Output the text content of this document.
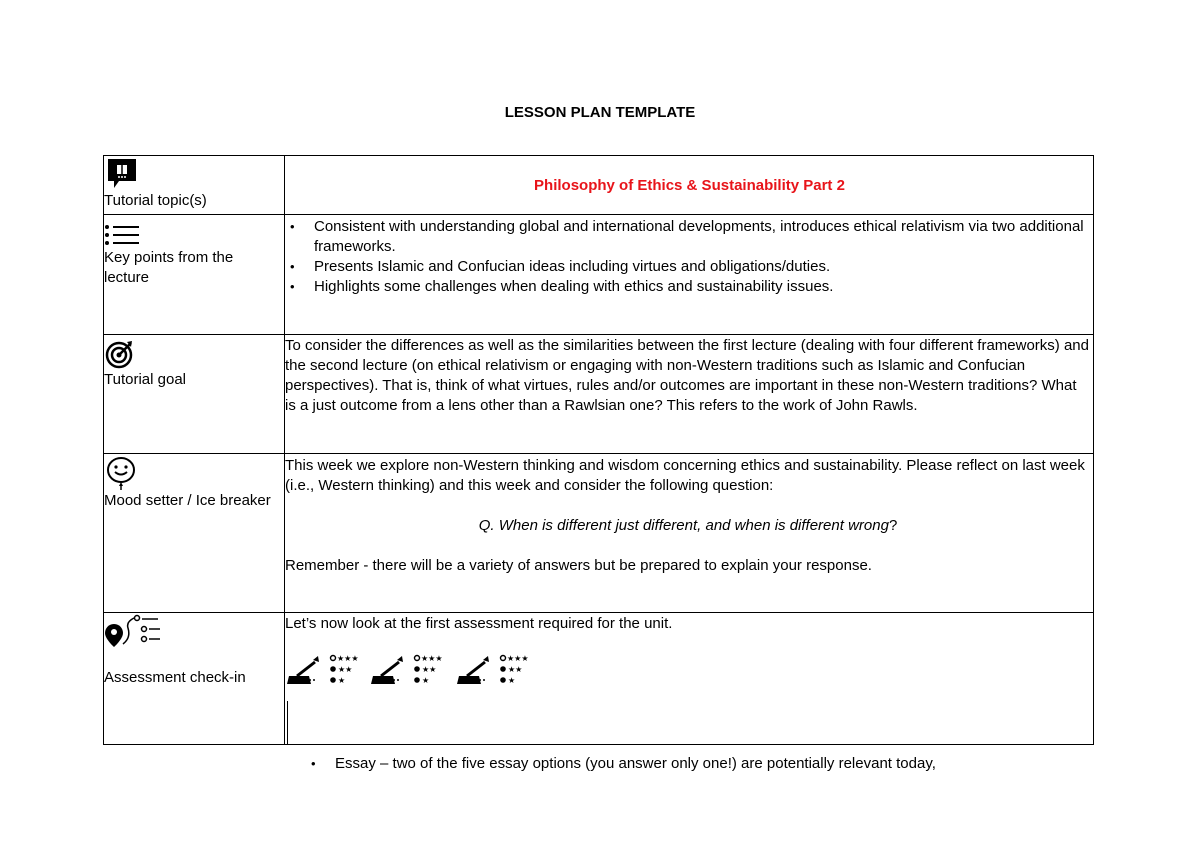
LESSON PLAN TEMPLATE
Tutorial topic(s)
Philosophy of Ethics & Sustainability Part 2
Key points from the lecture
• Consistent with understanding global and international developments, introduces ethical relativism via two additional frameworks.
• Presents Islamic and Confucian ideas including virtues and obligations/duties.
• Highlights some challenges when dealing with ethics and sustainability issues.
Tutorial goal
To consider the differences as well as the similarities between the first lecture (dealing with four different frameworks) and the second lecture (on ethical relativism or engaging with non-Western traditions such as Islamic and Confucian perspectives). That is, think of what virtues, rules and/or outcomes are important in these non-Western traditions? What is a just outcome from a lens other than a Rawlsian one? This refers to the work of John Rawls.
Mood setter / Ice breaker

This week we explore non-Western thinking and wisdom concerning ethics and sustainability. Please reflect on last week (i.e., Western thinking) and this week and consider the following question:

Q. When is different just different, and when is different wrong?

Remember - there will be a variety of answers but be prepared to explain your response.

Assessment check-in

Let’s now look at the first assessment required for the unit.

★★★
★★
★
★★★
★★
★
★★★
★★
★
• Essay – two of the five essay options (you answer only one!) are potentially relevant today,
